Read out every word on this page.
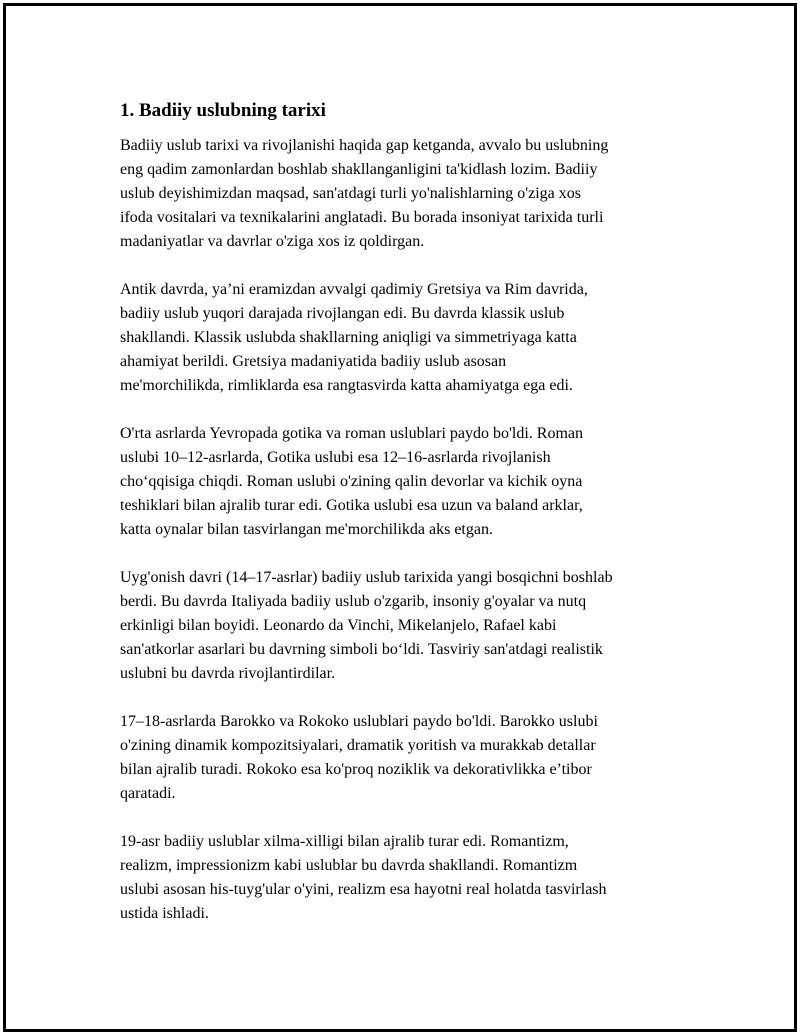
1. Badiiy uslubning tarixi
Badiiy uslub tarixi va rivojlanishi haqida gap ketganda, avvalo bu uslubning
eng qadim zamonlardan boshlab shakllanganligini ta'kidlash lozim. Badiiy
uslub deyishimizdan maqsad, san'atdagi turli yo'nalishlarning o'ziga xos
ifoda vositalari va texnikalarini anglatadi. Bu borada insoniyat tarixida turli
madaniyatlar va davrlar o'ziga xos iz qoldirgan.
Antik davrda, ya’ni eramizdan avvalgi qadimiy Gretsiya va Rim davrida,
badiiy uslub yuqori darajada rivojlangan edi. Bu davrda klassik uslub
shakllandi. Klassik uslubda shakllarning aniqligi va simmetriyaga katta
ahamiyat berildi. Gretsiya madaniyatida badiiy uslub asosan
me'morchilikda, rimliklarda esa rangtasvirda katta ahamiyatga ega edi.
O'rta asrlarda Yevropada gotika va roman uslublari paydo bo'ldi. Roman
uslubi 10–12-asrlarda, Gotika uslubi esa 12–16-asrlarda rivojlanish
cho‘qqisiga chiqdi. Roman uslubi o'zining qalin devorlar va kichik oyna
teshiklari bilan ajralib turar edi. Gotika uslubi esa uzun va baland arklar,
katta oynalar bilan tasvirlangan me'morchilikda aks etgan.
Uyg'onish davri (14–17-asrlar) badiiy uslub tarixida yangi bosqichni boshlab
berdi. Bu davrda Italiyada badiiy uslub o'zgarib, insoniy g'oyalar va nutq
erkinligi bilan boyidi. Leonardo da Vinchi, Mikelanjelo, Rafael kabi
san'atkorlar asarlari bu davrning simboli bo‘ldi. Tasviriy san'atdagi realistik
uslubni bu davrda rivojlantirdilar.
17–18-asrlarda Barokko va Rokoko uslublari paydo bo'ldi. Barokko uslubi
o'zining dinamik kompozitsiyalari, dramatik yoritish va murakkab detallar
bilan ajralib turadi. Rokoko esa ko'proq noziklik va dekorativlikka e’tibor
qaratadi.
19-asr badiiy uslublar xilma-xilligi bilan ajralib turar edi. Romantizm,
realizm, impressionizm kabi uslublar bu davrda shakllandi. Romantizm
uslubi asosan his-tuyg'ular o'yini, realizm esa hayotni real holatda tasvirlash
ustida ishladi.
